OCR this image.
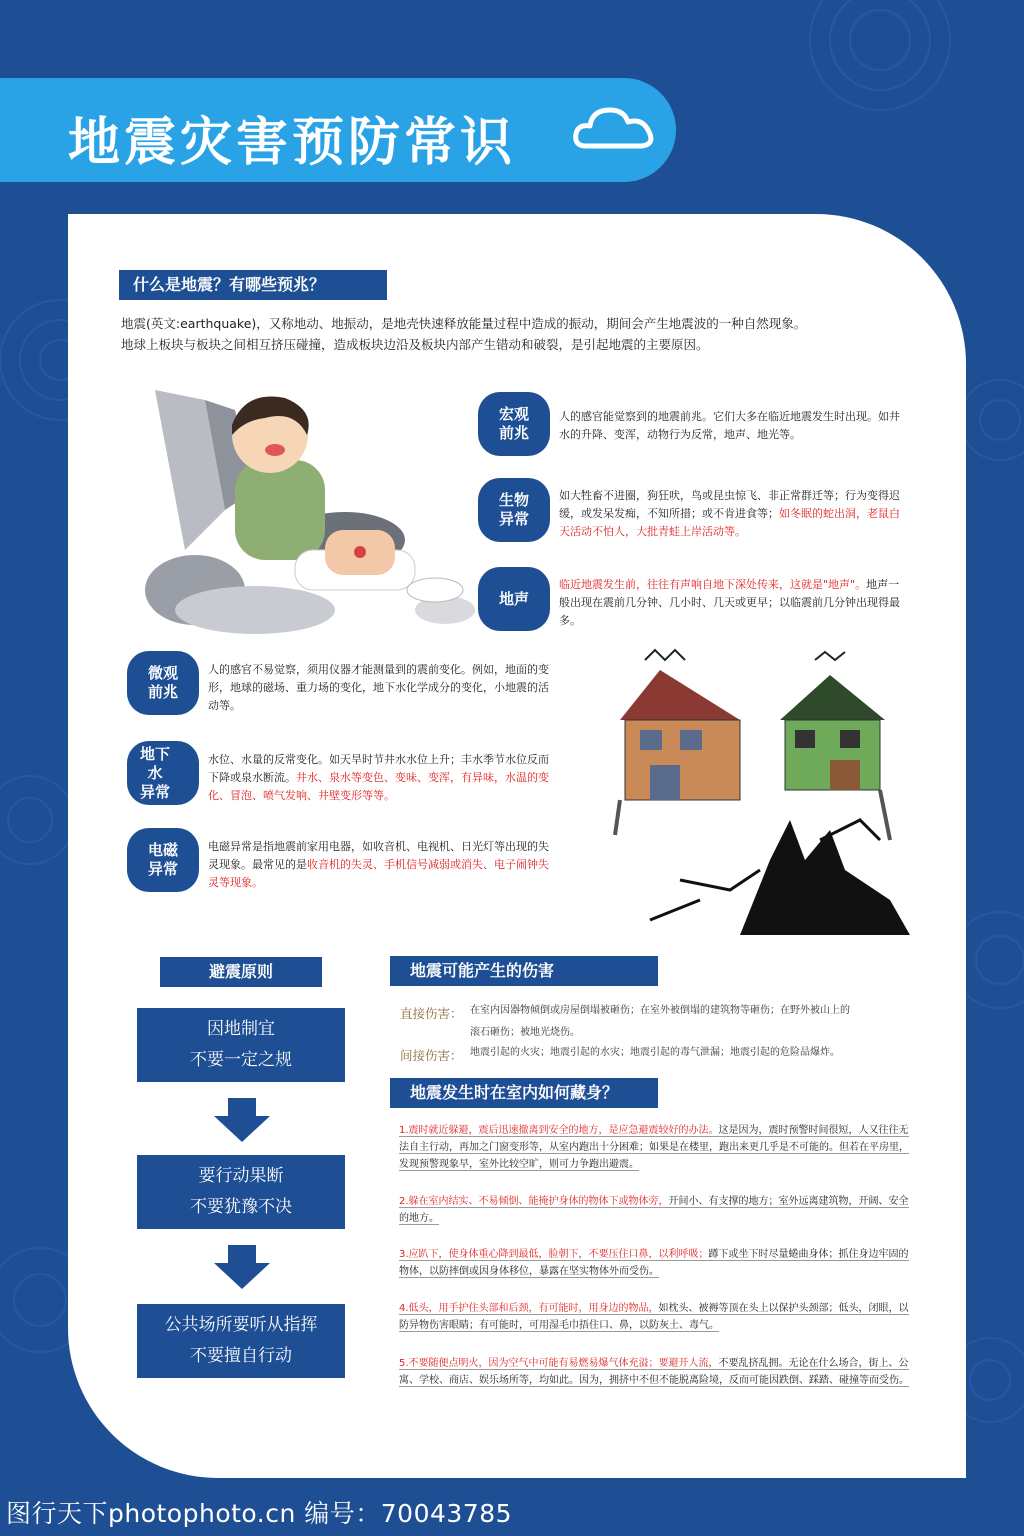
地震灾害预防常识
什么是地震？有哪些预兆？
地震(英文:earthquake)，又称地动、地振动，是地壳快速释放能量过程中造成的振动，期间会产生地震波的一种自然现象。
地球上板块与板块之间相互挤压碰撞，造成板块边沿及板块内部产生错动和破裂，是引起地震的主要原因。
宏观
前兆
人的感官能觉察到的地震前兆。它们大多在临近地震发生时出现。如井水的升降、变浑，动物行为反常，地声、地光等。
生物
异常
如大牲畜不进圈，狗狂吠，鸟或昆虫惊飞、非正常群迁等；行为变得迟缓，或发呆发痴，不知所措；或不肯进食等；如冬眠的蛇出洞，老鼠白天活动不怕人，大批青蛙上岸活动等。
地声
临近地震发生前，往往有声响自地下深处传来，这就是"地声"。地声一般出现在震前几分钟、几小时、几天或更早；以临震前几分钟出现得最多。
微观
前兆
人的感官不易觉察，须用仪器才能测量到的震前变化。例如，地面的变形，地球的磁场、重力场的变化，地下水化学成分的变化，小地震的活动等。
地下水
异常
水位、水量的反常变化。如天旱时节井水水位上升；丰水季节水位反而下降或泉水断流。井水、泉水等变色、变味、变浑，有异味，水温的变化、冒泡、喷气发响、井壁变形等等。
电磁
异常
电磁异常是指地震前家用电器，如收音机、电视机、日光灯等出现的失灵现象。最常见的是收音机的失灵、手机信号减弱或消失、电子闹钟失灵等现象。
避震原则
因地制宜
不要一定之规
要行动果断
不要犹豫不决
公共场所要听从指挥
不要擅自行动
地震可能产生的伤害
直接伤害： 在室内因器物倾倒或房屋倒塌被砸伤；在室外被倒塌的建筑物等砸伤；在野外被山上的
滚石砸伤；被地光烧伤。
间接伤害： 地震引起的火灾；地震引起的水灾；地震引起的毒气泄漏；地震引起的危险品爆炸。
地震发生时在室内如何藏身？
1.震时就近躲避，震后迅速撤离到安全的地方，是应急避震较好的办法。这是因为，震时预警时间很短，人又往往无法自主行动，再加之门窗变形等，从室内跑出十分困难；如果是在楼里，跑出来更几乎是不可能的。但若在平房里，发现预警现象早，室外比较空旷，则可力争跑出避震。
2.躲在室内结实、不易倾倒、能掩护身体的物体下或物体旁，开间小、有支撑的地方；室外远离建筑物，开阔、安全的地方。
3.应趴下，使身体重心降到最低，脸朝下，不要压住口鼻，以利呼吸；蹲下或坐下时尽量蜷曲身体；抓住身边牢固的物体，以防摔倒或因身体移位，暴露在坚实物体外而受伤。
4.低头，用手护住头部和后颈，有可能时，用身边的物品，如枕头、被褥等顶在头上以保护头颈部；低头，闭眼，以防异物伤害眼睛；有可能时，可用湿毛巾捂住口、鼻，以防灰土、毒气。
5.不要随便点明火，因为空气中可能有易燃易爆气体充溢；要避开人流，不要乱挤乱拥。无论在什么场合，街上、公寓、学校、商店、娱乐场所等，均如此。因为，拥挤中不但不能脱离险境，反而可能因跌倒、踩踏、碰撞等而受伤。
图行天下photophoto.cn 编号：70043785
